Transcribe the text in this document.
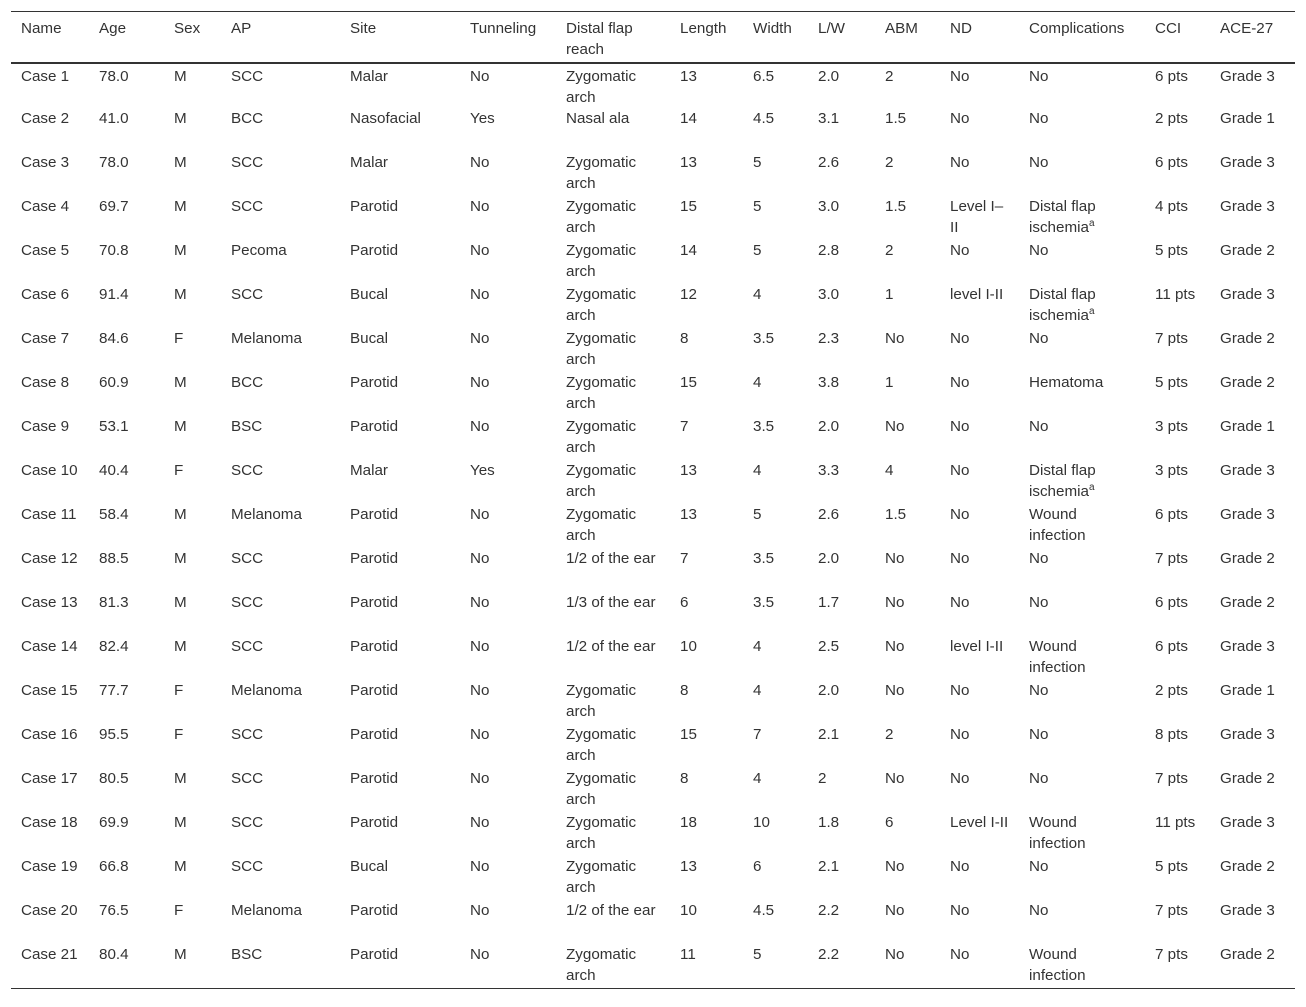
Name	Age	Sex	AP	Site	Tunneling	Distal flap reach	Length	Width	L/W	ABM	ND	Complications	CCI	ACE-27
Case 1	78.0	M	SCC	Malar	No	Zygomatic arch	13	6.5	2.0	2	No	No	6 pts	Grade 3
Case 2	41.0	M	BCC	Nasofacial	Yes	Nasal ala	14	4.5	3.1	1.5	No	No	2 pts	Grade 1
Case 3	78.0	M	SCC	Malar	No	Zygomatic arch	13	5	2.6	2	No	No	6 pts	Grade 3
Case 4	69.7	M	SCC	Parotid	No	Zygomatic arch	15	5	3.0	1.5	Level I–II	Distal flap ischemia$^a$	4 pts	Grade 3
Case 5	70.8	M	Pecoma	Parotid	No	Zygomatic arch	14	5	2.8	2	No	No	5 pts	Grade 2
Case 6	91.4	M	SCC	Bucal	No	Zygomatic arch	12	4	3.0	1	level I-II	Distal flap ischemia$^a$	11 pts	Grade 3
Case 7	84.6	F	Melanoma	Bucal	No	Zygomatic arch	8	3.5	2.3	No	No	No	7 pts	Grade 2
Case 8	60.9	M	BCC	Parotid	No	Zygomatic arch	15	4	3.8	1	No	Hematoma	5 pts	Grade 2
Case 9	53.1	M	BSC	Parotid	No	Zygomatic arch	7	3.5	2.0	No	No	No	3 pts	Grade 1
Case 10	40.4	F	SCC	Malar	Yes	Zygomatic arch	13	4	3.3	4	No	Distal flap ischemia$^a$	3 pts	Grade 3
Case 11	58.4	M	Melanoma	Parotid	No	Zygomatic arch	13	5	2.6	1.5	No	Wound infection	6 pts	Grade 3
Case 12	88.5	M	SCC	Parotid	No	1/2 of the ear	7	3.5	2.0	No	No	No	7 pts	Grade 2
Case 13	81.3	M	SCC	Parotid	No	1/3 of the ear	6	3.5	1.7	No	No	No	6 pts	Grade 2
Case 14	82.4	M	SCC	Parotid	No	1/2 of the ear	10	4	2.5	No	level I-II	Wound infection	6 pts	Grade 3
Case 15	77.7	F	Melanoma	Parotid	No	Zygomatic arch	8	4	2.0	No	No	No	2 pts	Grade 1
Case 16	95.5	F	SCC	Parotid	No	Zygomatic arch	15	7	2.1	2	No	No	8 pts	Grade 3
Case 17	80.5	M	SCC	Parotid	No	Zygomatic arch	8	4	2	No	No	No	7 pts	Grade 2
Case 18	69.9	M	SCC	Parotid	No	Zygomatic arch	18	10	1.8	6	Level I-II	Wound infection	11 pts	Grade 3
Case 19	66.8	M	SCC	Bucal	No	Zygomatic arch	13	6	2.1	No	No	No	5 pts	Grade 2
Case 20	76.5	F	Melanoma	Parotid	No	1/2 of the ear	10	4.5	2.2	No	No	No	7 pts	Grade 3
Case 21	80.4	M	BSC	Parotid	No	Zygomatic arch	11	5	2.2	No	No	Wound infection	7 pts	Grade 2
